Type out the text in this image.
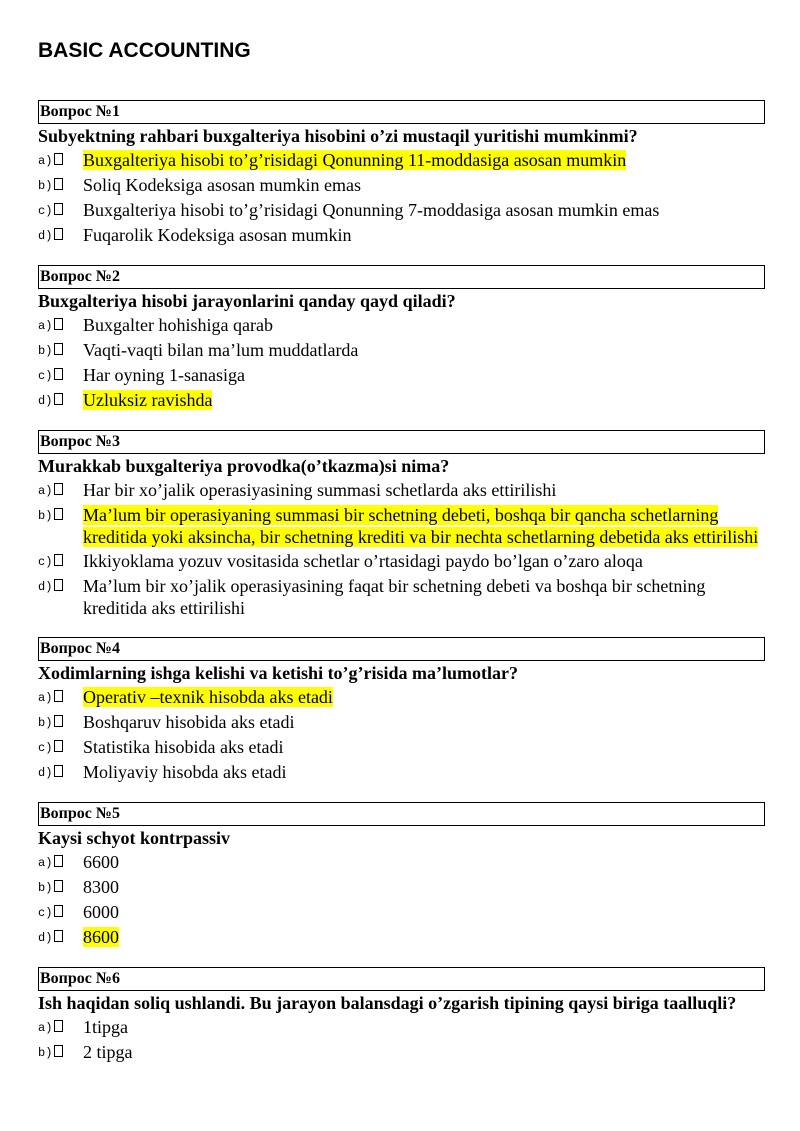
BASIC ACCOUNTING
Вопрос №1
Subyektning rahbari buxgalteriya hisobini o’zi mustaqil yuritishi mumkinmi?
a)	Buxgalteriya hisobi to’g’risidagi Qonunning 11-moddasiga asosan mumkin
b)	Soliq Kodeksiga asosan mumkin emas
c)	Buxgalteriya hisobi to’g’risidagi Qonunning 7-moddasiga asosan mumkin emas
d)	Fuqarolik Kodeksiga asosan mumkin
Вопрос №2
Buxgalteriya hisobi jarayonlarini qanday qayd qiladi?
a)	Buxgalter hohishiga qarab
b)	Vaqti-vaqti bilan ma’lum muddatlarda
c)	Har oyning 1-sanasiga
d)	Uzluksiz ravishda
Вопрос №3
Murakkab buxgalteriya provodka(o’tkazma)si nima?
a)	Har bir xo’jalik operasiyasining summasi schetlarda aks ettirilishi
b)	Ma’lum bir operasiyaning summasi bir schetning debeti, boshqa bir qancha schetlarning kreditida yoki aksincha, bir schetning krediti va bir nechta schetlarning debetida aks ettirilishi
c)	Ikkiyoklama yozuv vositasida schetlar o’rtasidagi paydo bo’lgan o’zaro aloqa
d)	Ma’lum bir xo’jalik operasiyasining faqat bir schetning debeti va boshqa bir schetning kreditida aks ettirilishi
Вопрос №4
Xodimlarning ishga kelishi va ketishi to’g’risida ma’lumotlar?
a)	Operativ –texnik hisobda aks etadi
b)	Boshqaruv hisobida aks etadi
c)	Statistika hisobida aks etadi
d)	Moliyaviy hisobda aks etadi
Вопрос №5
Kaysi schyot kontrpassiv
a)	6600
b)	8300
c)	6000
d)	8600
Вопрос №6
Ish haqidan soliq ushlandi. Bu jarayon balansdagi o’zgarish tipining qaysi biriga taalluqli?
a)	1tipga
b)	2 tipga
